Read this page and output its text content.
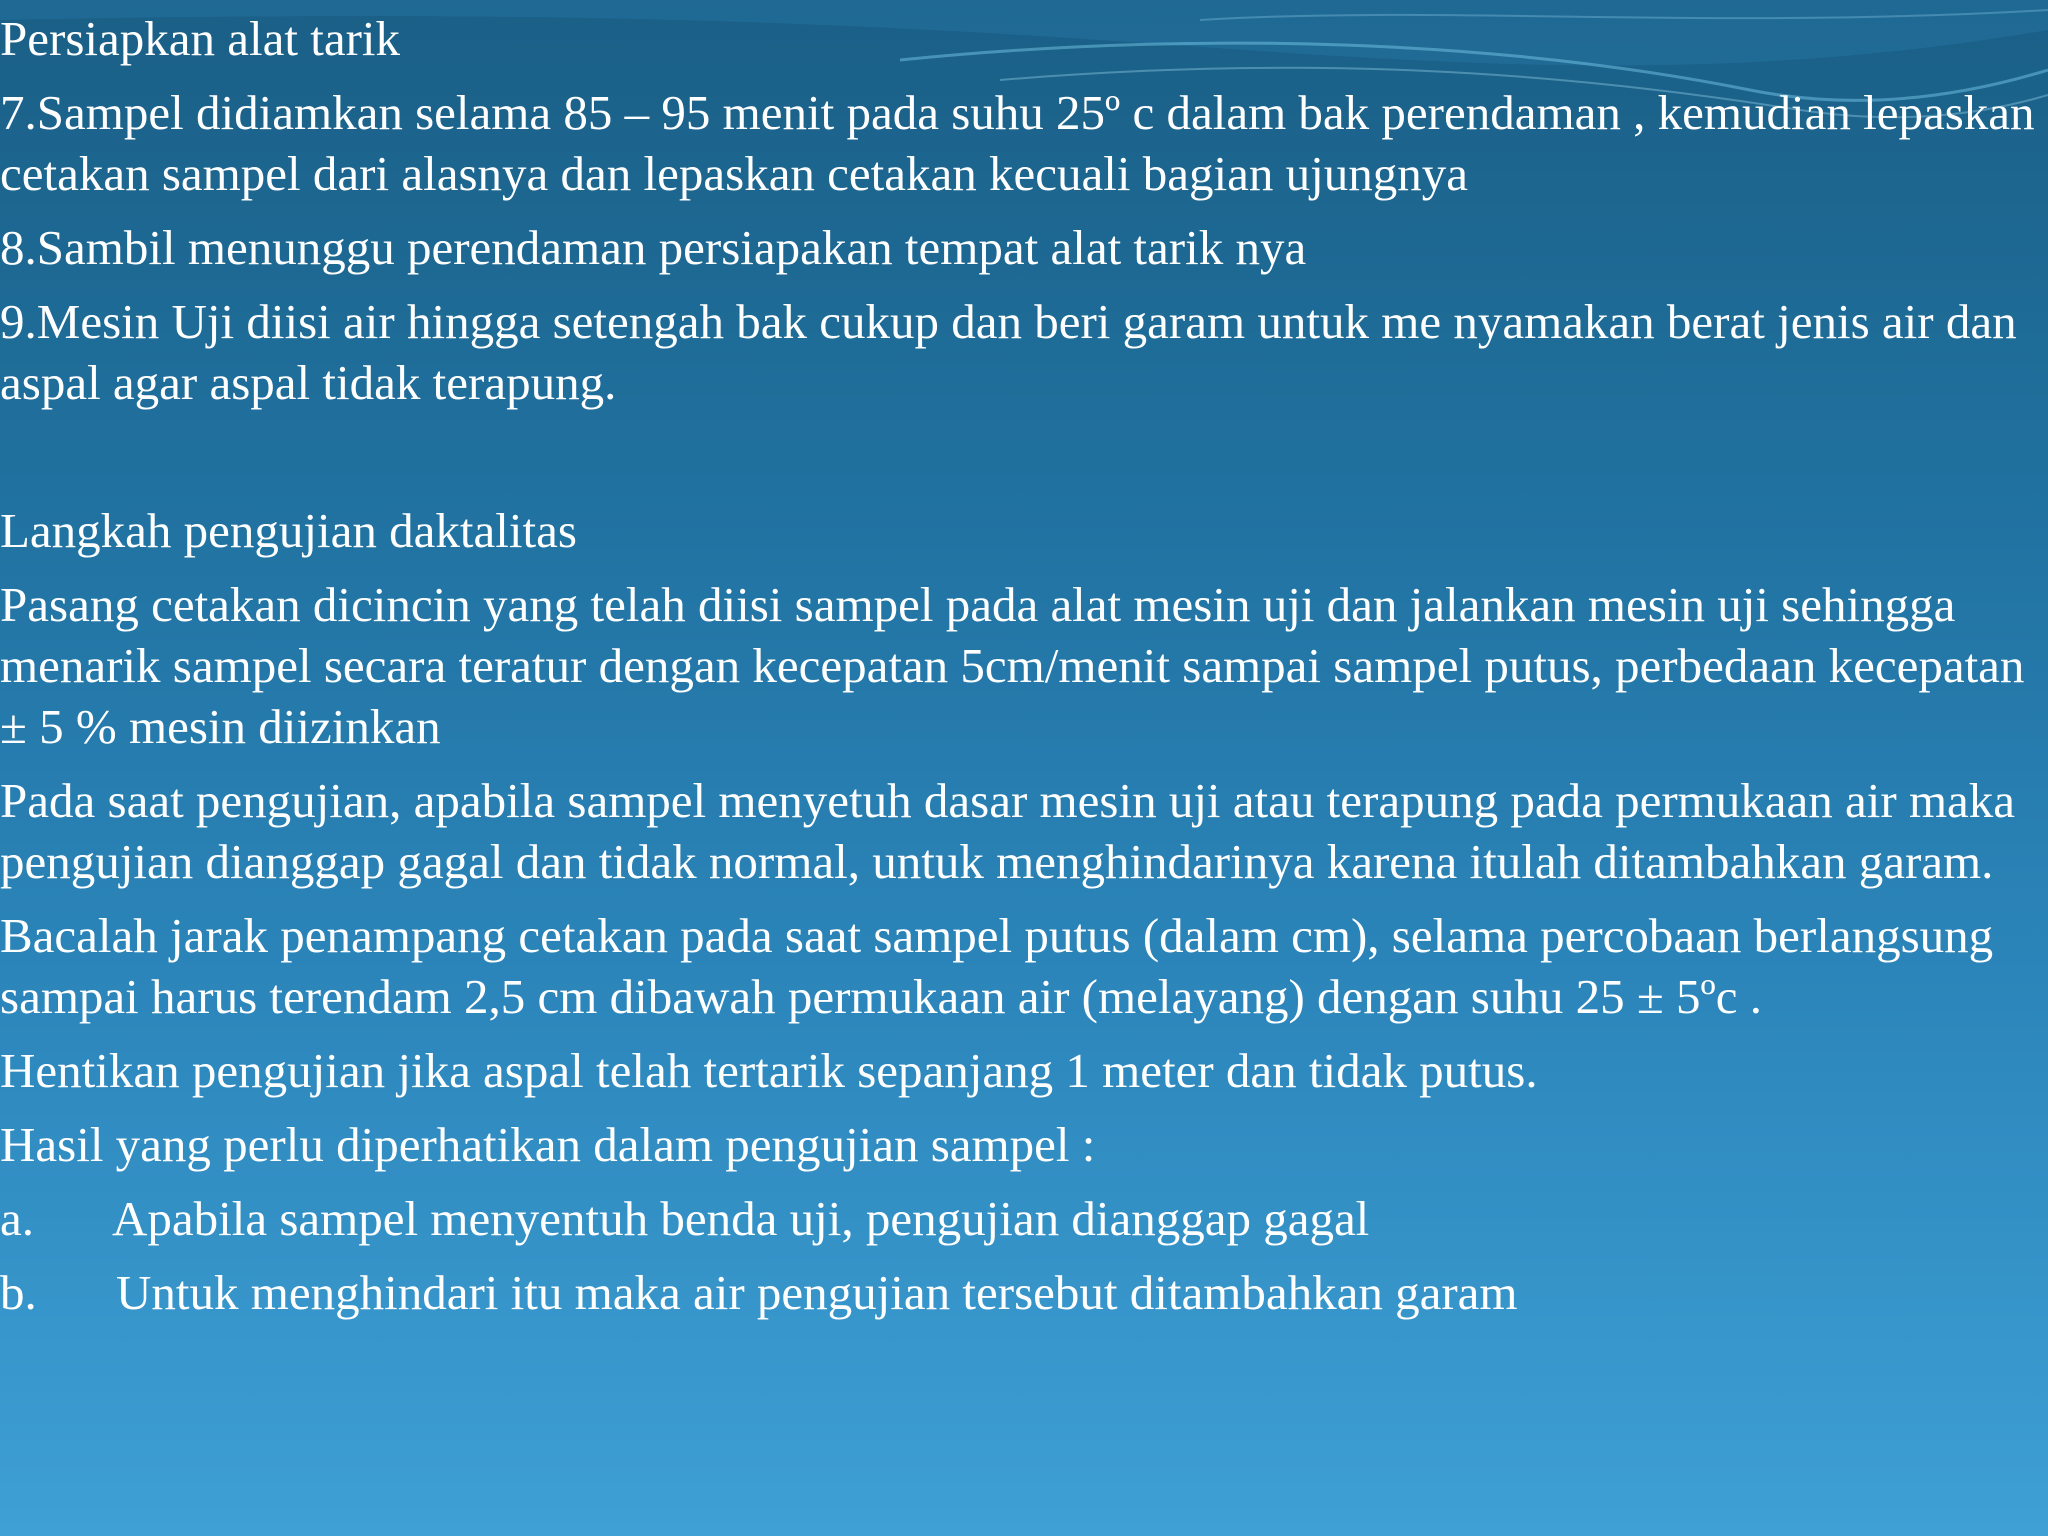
Persiapkan alat tarik

7.Sampel didiamkan selama 85 – 95 menit pada suhu 25º c dalam bak perendaman , kemudian lepaskan cetakan sampel dari alasnya dan lepaskan cetakan kecuali bagian ujungnya

8.Sambil menunggu perendaman persiapakan tempat alat tarik nya

9.Mesin Uji diisi air hingga setengah bak cukup dan beri garam untuk me nyamakan berat jenis air dan aspal agar aspal tidak terapung.

Langkah pengujian daktalitas

Pasang cetakan dicincin yang telah diisi sampel pada alat mesin uji dan jalankan mesin uji sehingga menarik sampel secara teratur dengan kecepatan 5cm/menit sampai sampel putus, perbedaan kecepatan ± 5 % mesin diizinkan

Pada saat pengujian, apabila sampel menyetuh dasar mesin uji atau terapung pada permukaan air maka pengujian dianggap gagal dan tidak normal, untuk menghindarinya karena itulah ditambahkan garam.

Bacalah jarak penampang cetakan pada saat sampel putus (dalam cm), selama percobaan berlangsung sampai harus terendam 2,5 cm dibawah permukaan air (melayang) dengan suhu 25 ± 5ºc .

Hentikan pengujian jika aspal telah tertarik sepanjang 1 meter dan tidak putus.

Hasil yang perlu diperhatikan dalam pengujian sampel :

a.	Apabila sampel menyentuh benda uji, pengujian dianggap gagal
b.	Untuk menghindari itu maka air pengujian tersebut ditambahkan garam
